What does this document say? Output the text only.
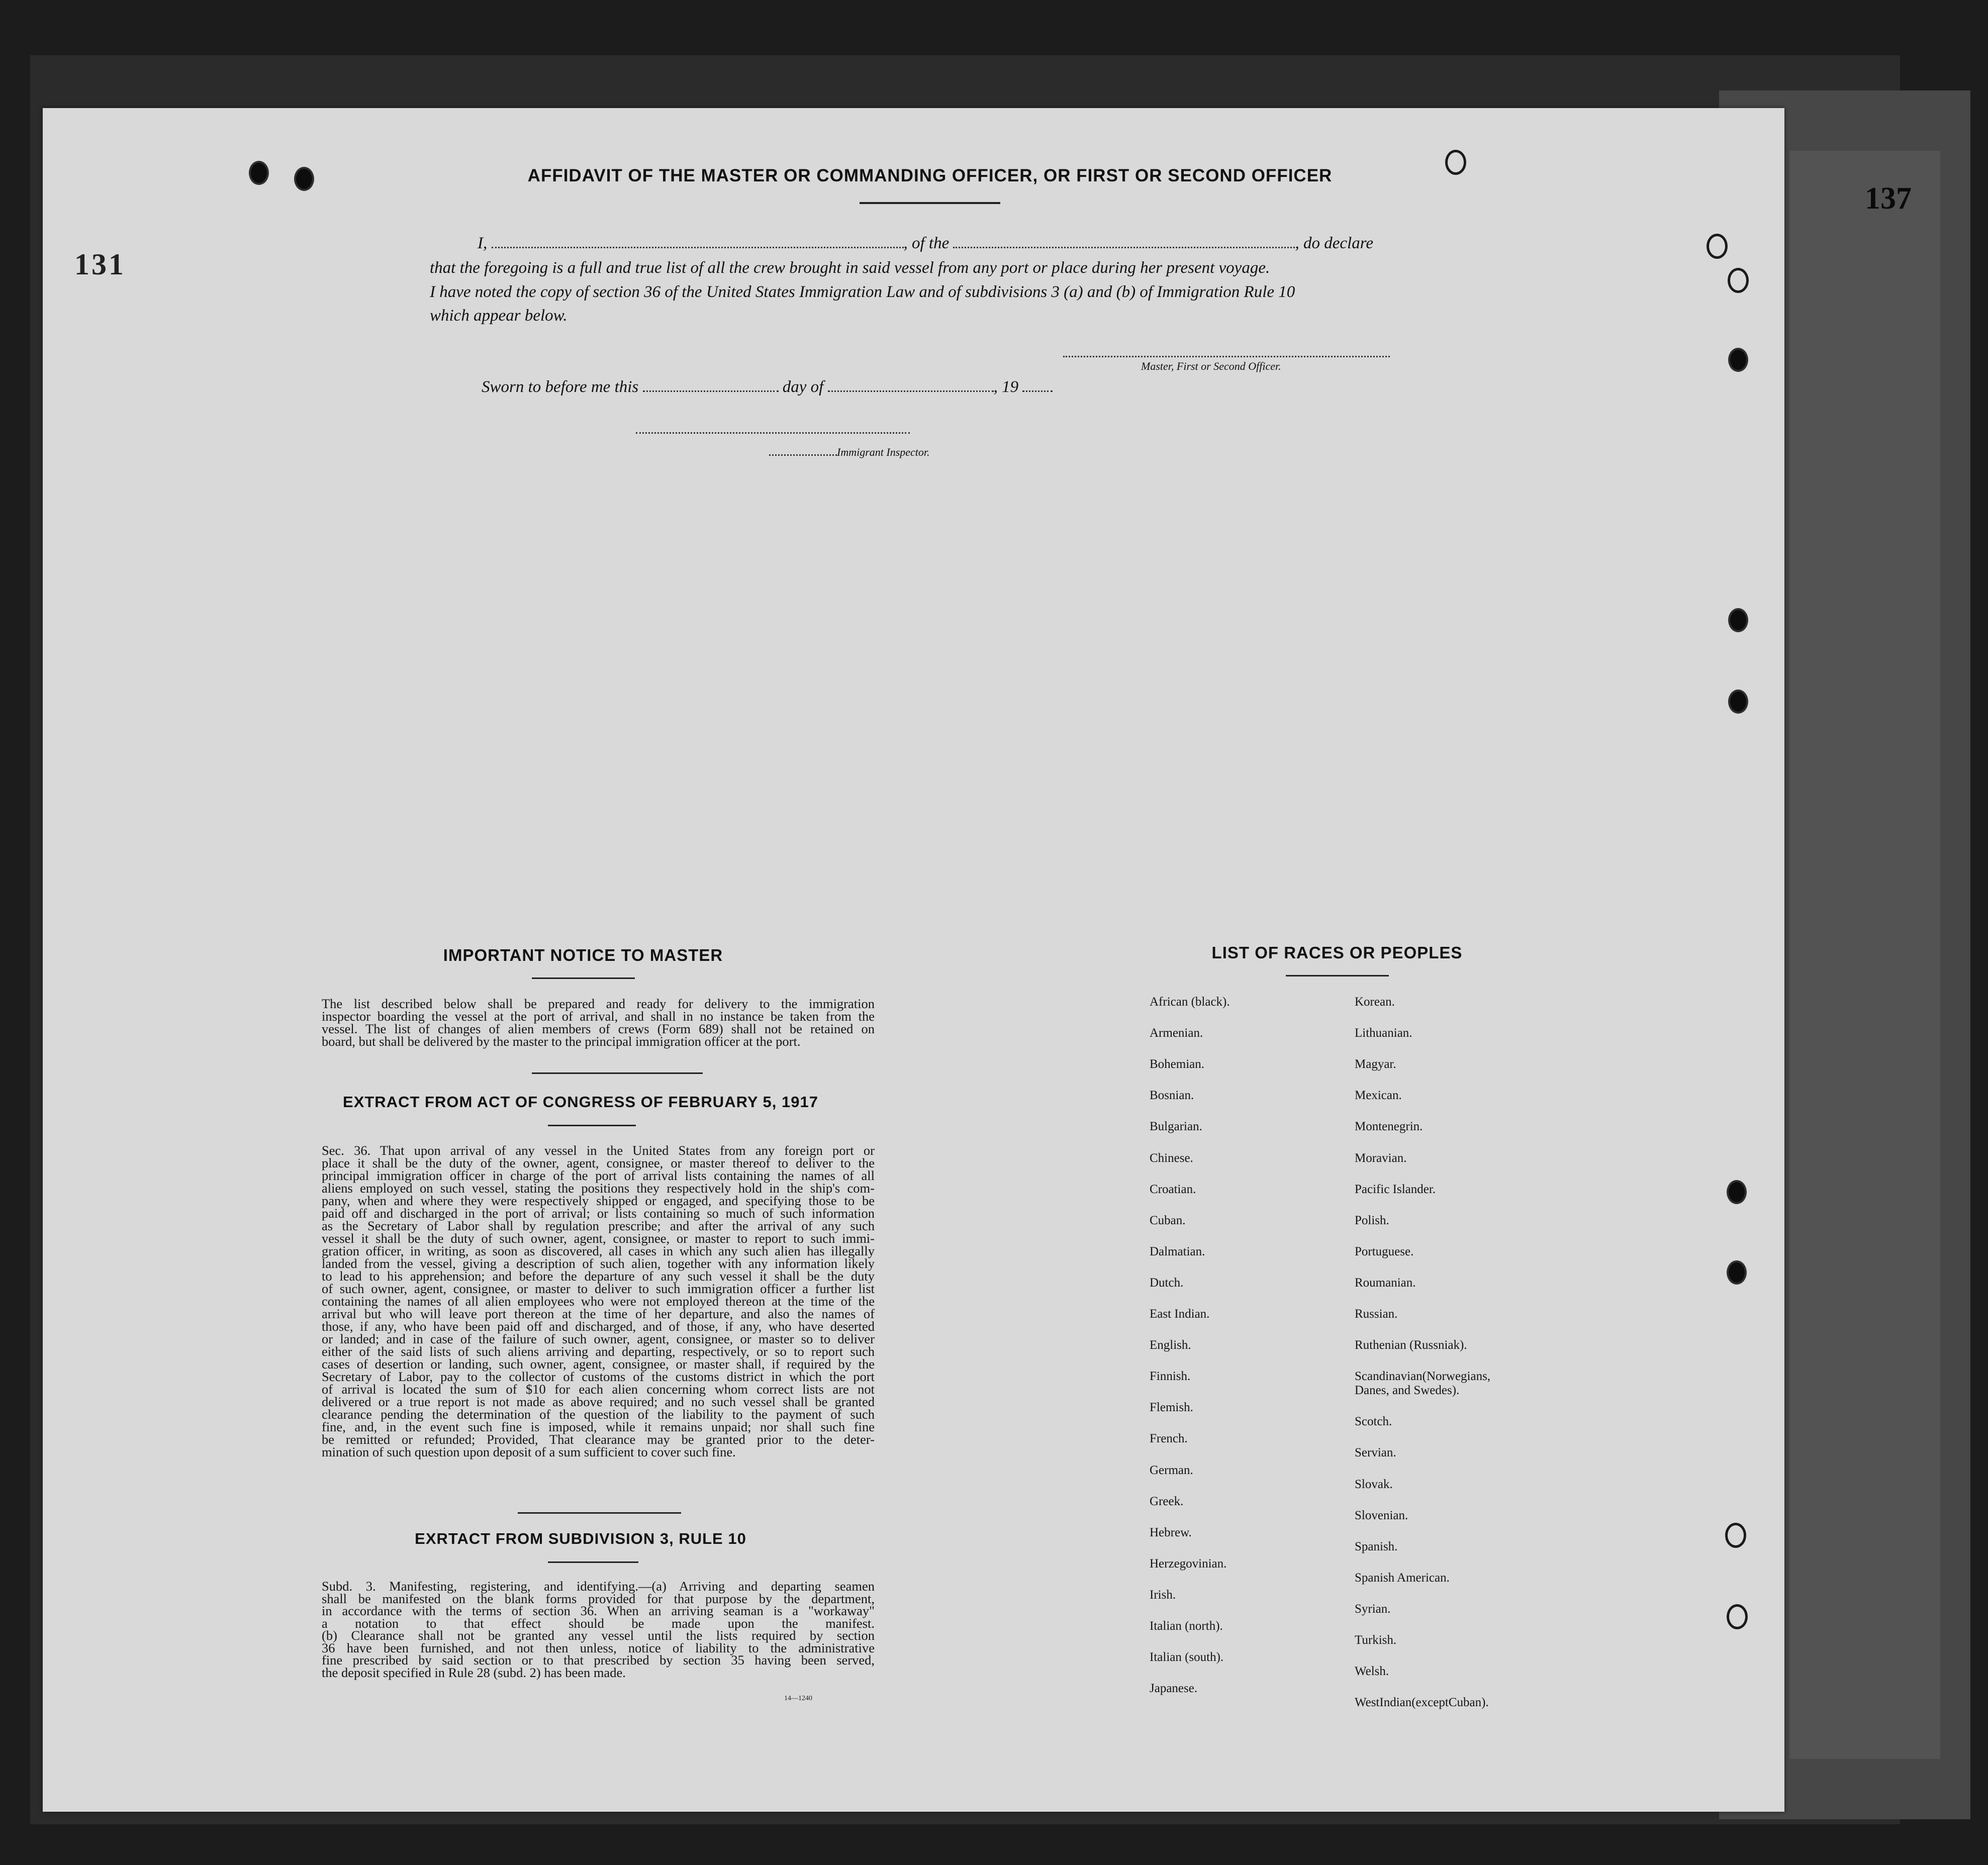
137
131
AFFIDAVIT OF THE MASTER OR COMMANDING OFFICER, OR FIRST OR SECOND OFFICER
I,	, of the	, do declare
that the foregoing is a full and true list of all the crew brought in said vessel from any port or place during her present voyage.
I have noted the copy of section 36 of the United States Immigration Law and of subdivisions 3 (a) and (b) of Immigration Rule 10
which appear below.
Master, First or Second Officer.
Sworn to before me this	day of	, 19
Immigrant Inspector.
IMPORTANT NOTICE TO MASTER
The list described below shall be prepared and ready for delivery to the immigration
inspector boarding the vessel at the port of arrival, and shall in no instance be taken from the
vessel. The list of changes of alien members of crews (Form 689) shall not be retained on
board, but shall be delivered by the master to the principal immigration officer at the port.
EXTRACT FROM ACT OF CONGRESS OF FEBRUARY 5, 1917
Sec. 36. That upon arrival of any vessel in the United States from any foreign port or
place it shall be the duty of the owner, agent, consignee, or master thereof to deliver to the
principal immigration officer in charge of the port of arrival lists containing the names of all
aliens employed on such vessel, stating the positions they respectively hold in the ship's com-
pany, when and where they were respectively shipped or engaged, and specifying those to be
paid off and discharged in the port of arrival; or lists containing so much of such information
as the Secretary of Labor shall by regulation prescribe; and after the arrival of any such
vessel it shall be the duty of such owner, agent, consignee, or master to report to such immi-
gration officer, in writing, as soon as discovered, all cases in which any such alien has illegally
landed from the vessel, giving a description of such alien, together with any information likely
to lead to his apprehension; and before the departure of any such vessel it shall be the duty
of such owner, agent, consignee, or master to deliver to such immigration officer a further list
containing the names of all alien employees who were not employed thereon at the time of the
arrival but who will leave port thereon at the time of her departure, and also the names of
those, if any, who have been paid off and discharged, and of those, if any, who have deserted
or landed; and in case of the failure of such owner, agent, consignee, or master so to deliver
either of the said lists of such aliens arriving and departing, respectively, or so to report such
cases of desertion or landing, such owner, agent, consignee, or master shall, if required by the
Secretary of Labor, pay to the collector of customs of the customs district in which the port
of arrival is located the sum of $10 for each alien concerning whom correct lists are not
delivered or a true report is not made as above required; and no such vessel shall be granted
clearance pending the determination of the question of the liability to the payment of such
fine, and, in the event such fine is imposed, while it remains unpaid; nor shall such fine
be remitted or refunded; Provided, That clearance may be granted prior to the deter-
mination of such question upon deposit of a sum sufficient to cover such fine.
EXRTACT FROM SUBDIVISION 3, RULE 10
Subd. 3. Manifesting, registering, and identifying.—(a) Arriving and departing seamen
shall be manifested on the blank forms provided for that purpose by the department,
in accordance with the terms of section 36. When an arriving seaman is a "workaway"
a notation to that effect should be made upon the manifest.
(b) Clearance shall not be granted any vessel until the lists required by section
36 have been furnished, and not then unless, notice of liability to the administrative
fine prescribed by said section or to that prescribed by section 35 having been served,
the deposit specified in Rule 28 (subd. 2) has been made.
14—1240
LIST OF RACES OR PEOPLES
African (black).
Armenian.
Bohemian.
Bosnian.
Bulgarian.
Chinese.
Croatian.
Cuban.
Dalmatian.
Dutch.
East Indian.
English.
Finnish.
Flemish.
French.
German.
Greek.
Hebrew.
Herzegovinian.
Irish.
Italian (north).
Italian (south).
Japanese.
Korean.
Lithuanian.
Magyar.
Mexican.
Montenegrin.
Moravian.
Pacific Islander.
Polish.
Portuguese.
Roumanian.
Russian.
Ruthenian (Russniak).
Scandinavian(Norwegians,
Danes, and Swedes).
Scotch.
Servian.
Slovak.
Slovenian.
Spanish.
Spanish American.
Syrian.
Turkish.
Welsh.
WestIndian(exceptCuban).
